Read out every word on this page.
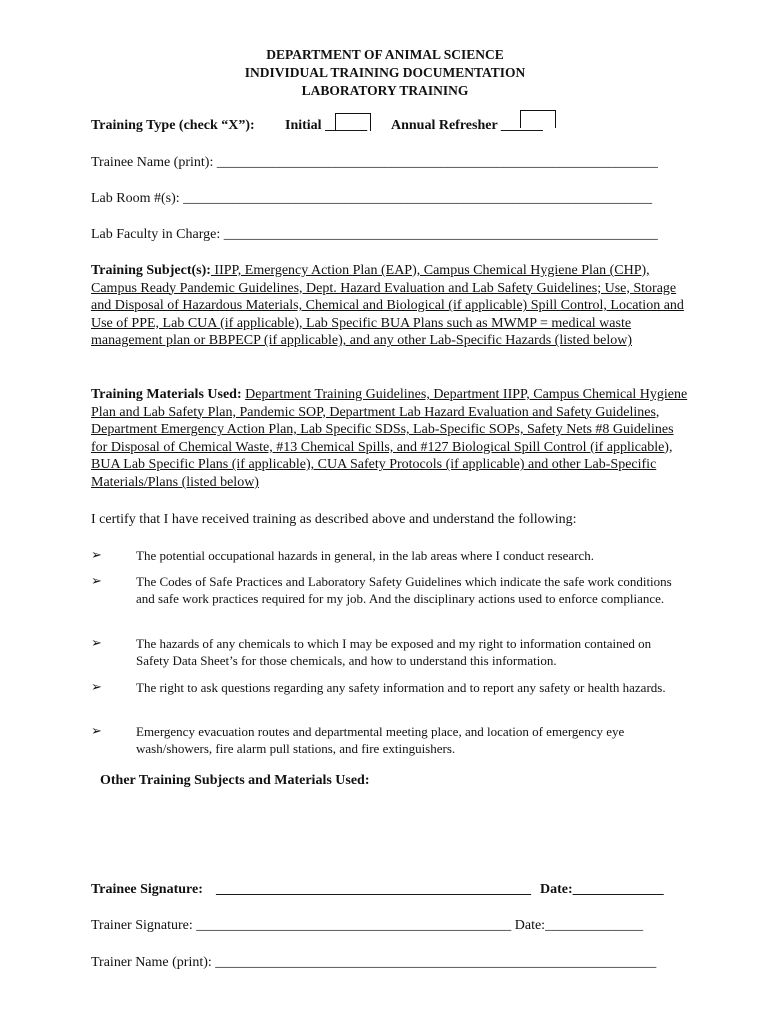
DEPARTMENT OF ANIMAL SCIENCE
INDIVIDUAL TRAINING DOCUMENTATION
LABORATORY TRAINING
Training Type (check “X”): Initial ______ Annual Refresher ______
Trainee Name (print): _______________________________________________________________
Lab Room #(s): ___________________________________________________________________
Lab Faculty in Charge: ______________________________________________________________

Training Subject(s): IIPP, Emergency Action Plan (EAP), Campus Chemical Hygiene Plan (CHP), Campus Ready Pandemic Guidelines, Dept. Hazard Evaluation and Lab Safety Guidelines; Use, Storage and Disposal of Hazardous Materials, Chemical and Biological (if applicable) Spill Control, Location and Use of PPE, Lab CUA (if applicable), Lab Specific BUA Plans such as MWMP = medical waste management plan or BBPECP (if applicable), and any other Lab-Specific Hazards (listed below)

Training Materials Used: Department Training Guidelines, Department IIPP, Campus Chemical Hygiene Plan and Lab Safety Plan, Pandemic SOP, Department Lab Hazard Evaluation and Safety Guidelines, Department Emergency Action Plan, Lab Specific SDSs, Lab-Specific SOPs, Safety Nets #8 Guidelines for Disposal of Chemical Waste, #13 Chemical Spills, and #127 Biological Spill Control (if applicable), BUA Lab Specific Plans (if applicable), CUA Safety Protocols (if applicable) and other Lab-Specific Materials/Plans (listed below)

I certify that I have received training as described above and understand the following:
➢	The potential occupational hazards in general, in the lab areas where I conduct research.

➢	The Codes of Safe Practices and Laboratory Safety Guidelines which indicate the safe work conditions and safe work practices required for my job. And the disciplinary actions used to enforce compliance.

➢	The hazards of any chemicals to which I may be exposed and my right to information contained on Safety Data Sheet’s for those chemicals, and how to understand this information.

➢	The right to ask questions regarding any safety information and to report any safety or health hazards.

➢	Emergency evacuation routes and departmental meeting place, and location of emergency eye wash/showers, fire alarm pull stations, and fire extinguishers.

Other Training Subjects and Materials Used:
Trainee Signature: _____________________________________________ Date:_____________
Trainer Signature: _____________________________________________ Date:______________
Trainer Name (print): _______________________________________________________________
